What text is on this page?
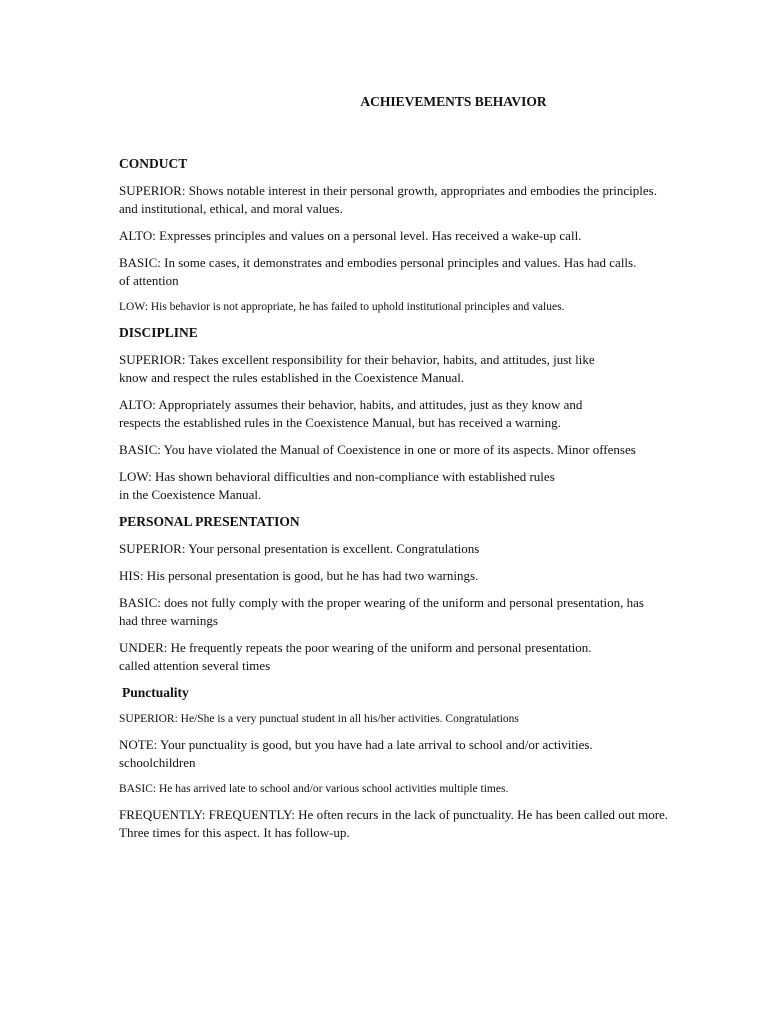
ACHIEVEMENTS BEHAVIOR
CONDUCT
SUPERIOR: Shows notable interest in their personal growth, appropriates and embodies the principles.
and institutional, ethical, and moral values.
ALTO: Expresses principles and values on a personal level. Has received a wake-up call.
BASIC: In some cases, it demonstrates and embodies personal principles and values. Has had calls.
of attention
LOW: His behavior is not appropriate, he has failed to uphold institutional principles and values.
DISCIPLINE
SUPERIOR: Takes excellent responsibility for their behavior, habits, and attitudes, just like
know and respect the rules established in the Coexistence Manual.
ALTO: Appropriately assumes their behavior, habits, and attitudes, just as they know and
respects the established rules in the Coexistence Manual, but has received a warning.
BASIC: You have violated the Manual of Coexistence in one or more of its aspects. Minor offenses
LOW: Has shown behavioral difficulties and non-compliance with established rules
in the Coexistence Manual.
PERSONAL PRESENTATION
SUPERIOR: Your personal presentation is excellent. Congratulations
HIS: His personal presentation is good, but he has had two warnings.
BASIC: does not fully comply with the proper wearing of the uniform and personal presentation, has
had three warnings
UNDER: He frequently repeats the poor wearing of the uniform and personal presentation.
called attention several times
Punctuality
SUPERIOR: He/She is a very punctual student in all his/her activities. Congratulations
NOTE: Your punctuality is good, but you have had a late arrival to school and/or activities.
schoolchildren
BASIC: He has arrived late to school and/or various school activities multiple times.
FREQUENTLY: FREQUENTLY: He often recurs in the lack of punctuality. He has been called out more.
Three times for this aspect. It has follow-up.
